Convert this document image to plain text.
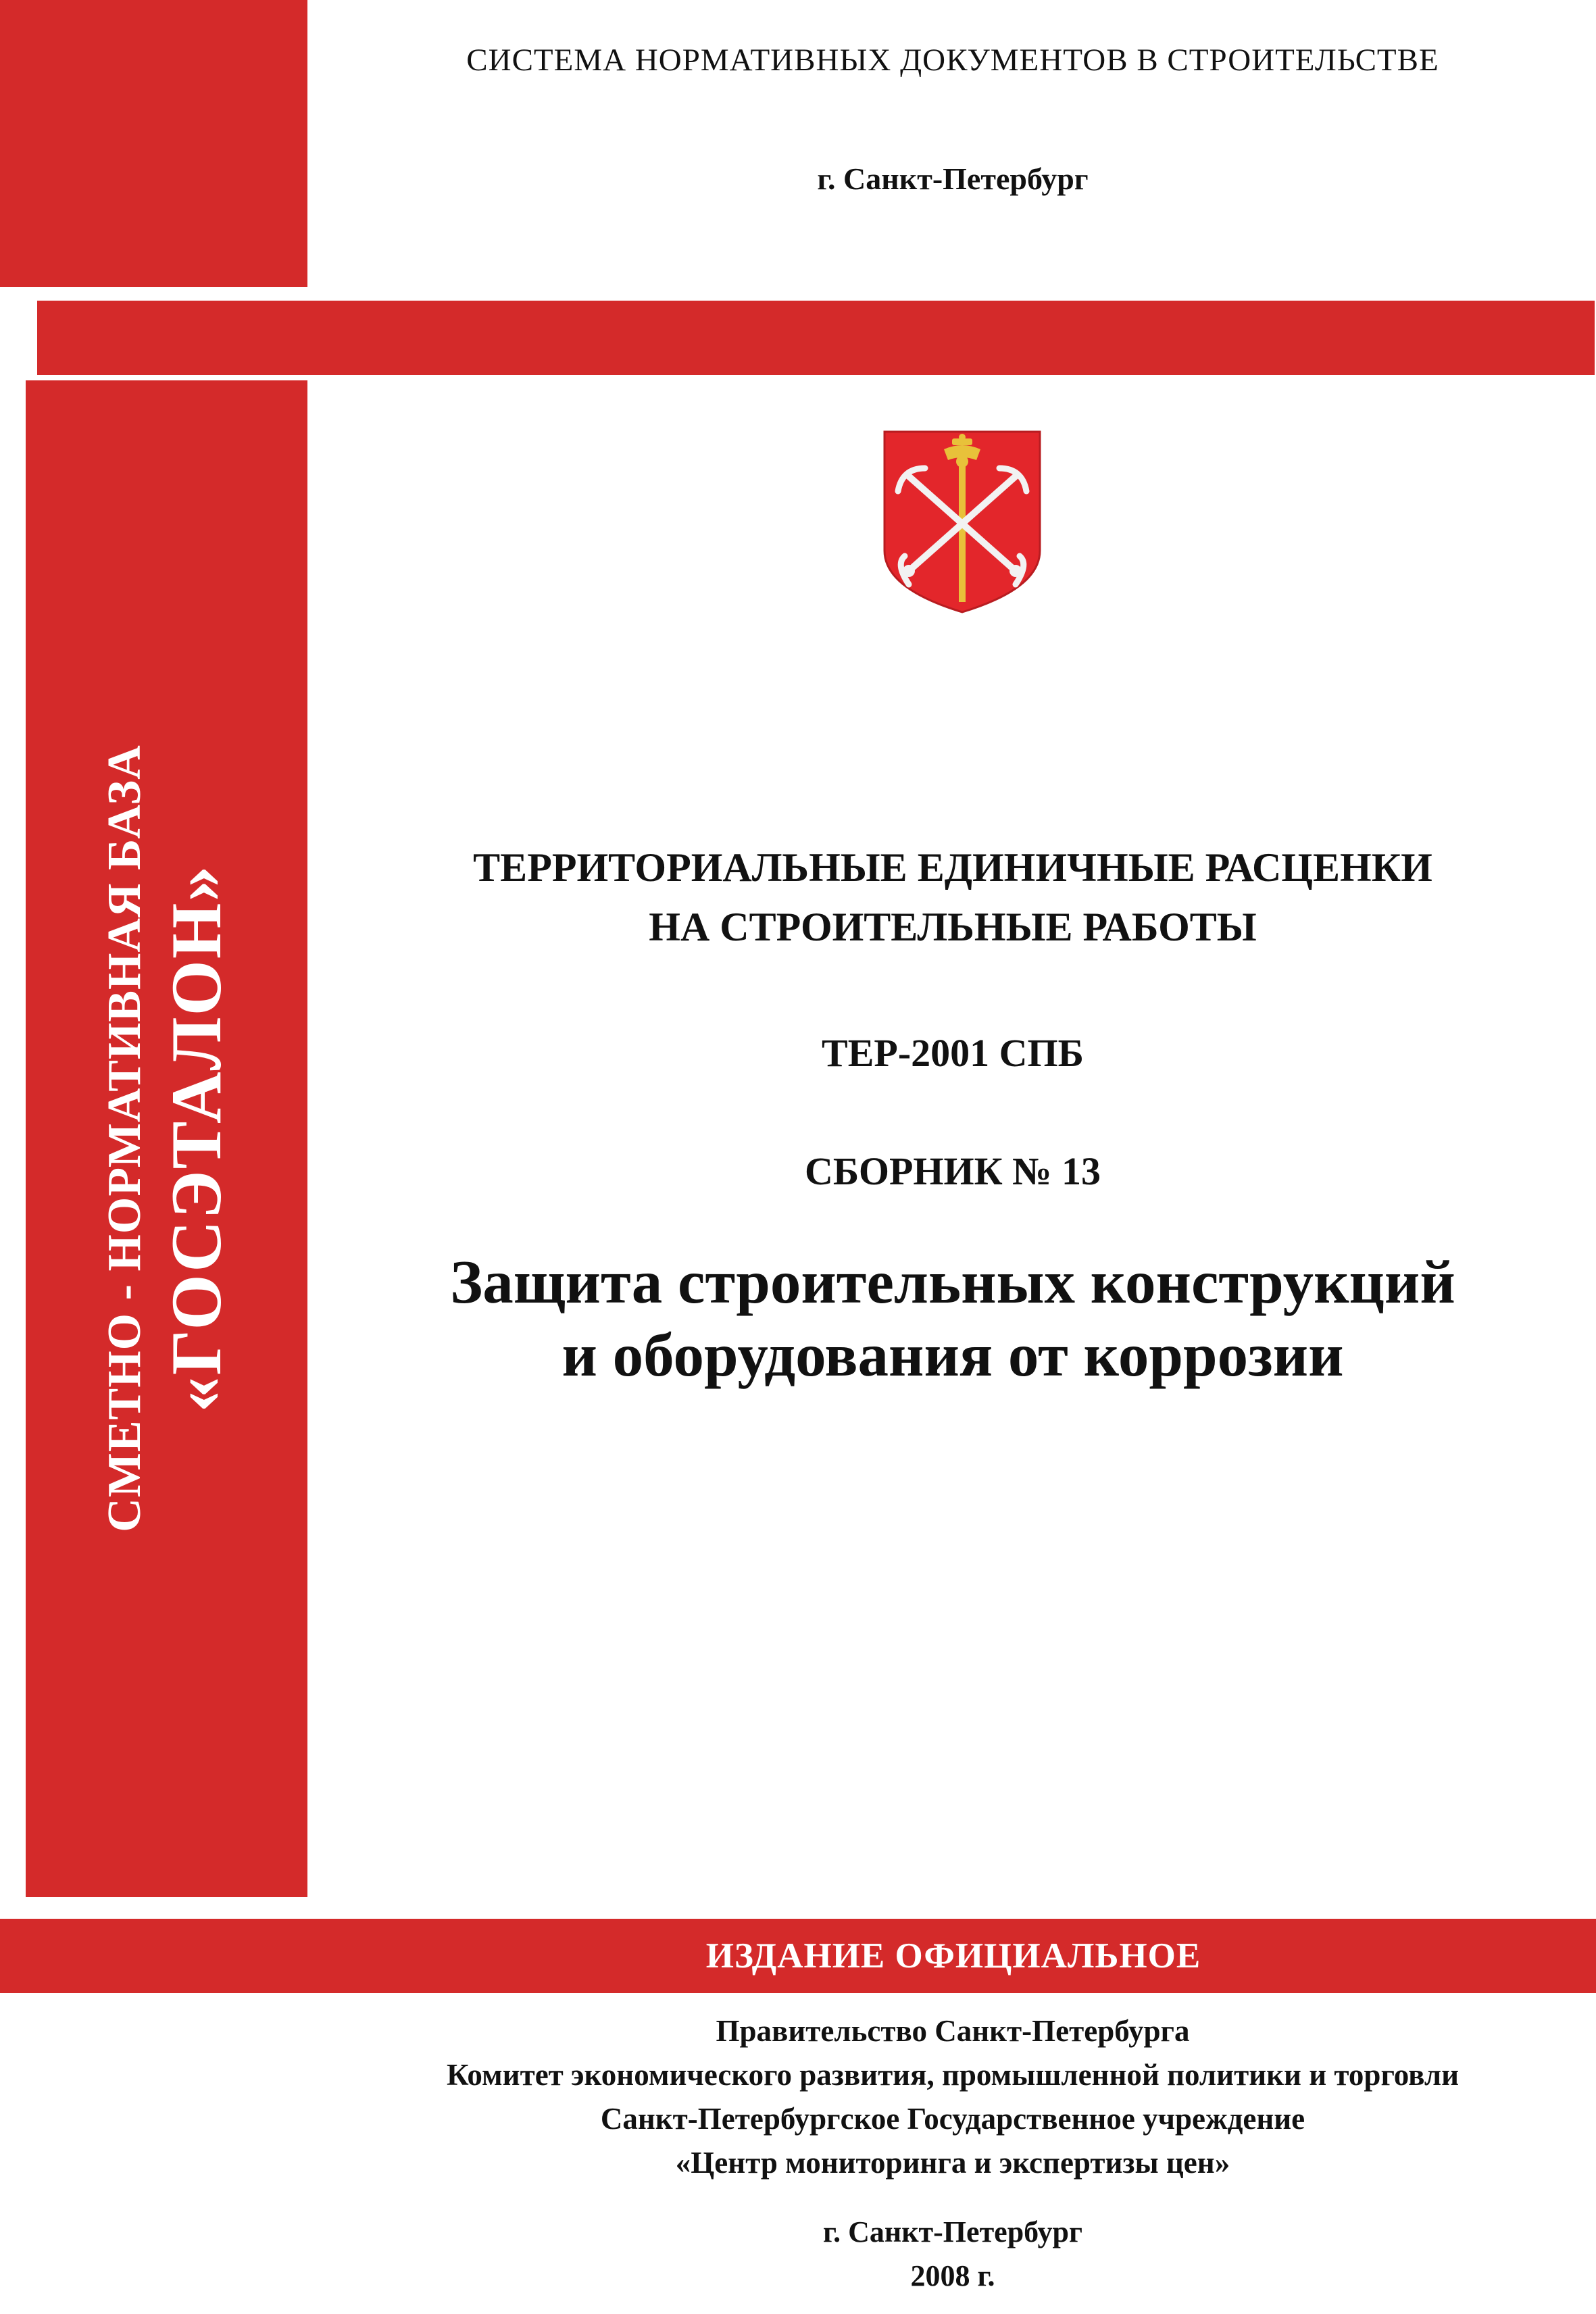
СИСТЕМА НОРМАТИВНЫХ ДОКУМЕНТОВ В СТРОИТЕЛЬСТВЕ
г. Санкт-Петербург
СМЕТНО - НОРМАТИВНАЯ БАЗА «ГОСЭТАЛОН»	ТЕРРИТОРИАЛЬНЫЕ ЕДИНИЧНЫЕ РАСЦЕНКИ
НА СТРОИТЕЛЬНЫЕ РАБОТЫ
ТЕР-2001 СПБ
СБОРНИК № 13
Защита строительных конструкций
и оборудования от коррозии
ИЗДАНИЕ ОФИЦИАЛЬНОЕ
Правительство Санкт-Петербурга
Комитет экономического развития, промышленной политики и торговли
Санкт-Петербургское Государственное учреждение
«Центр мониторинга и экспертизы цен»
г. Санкт-Петербург
2008 г.
